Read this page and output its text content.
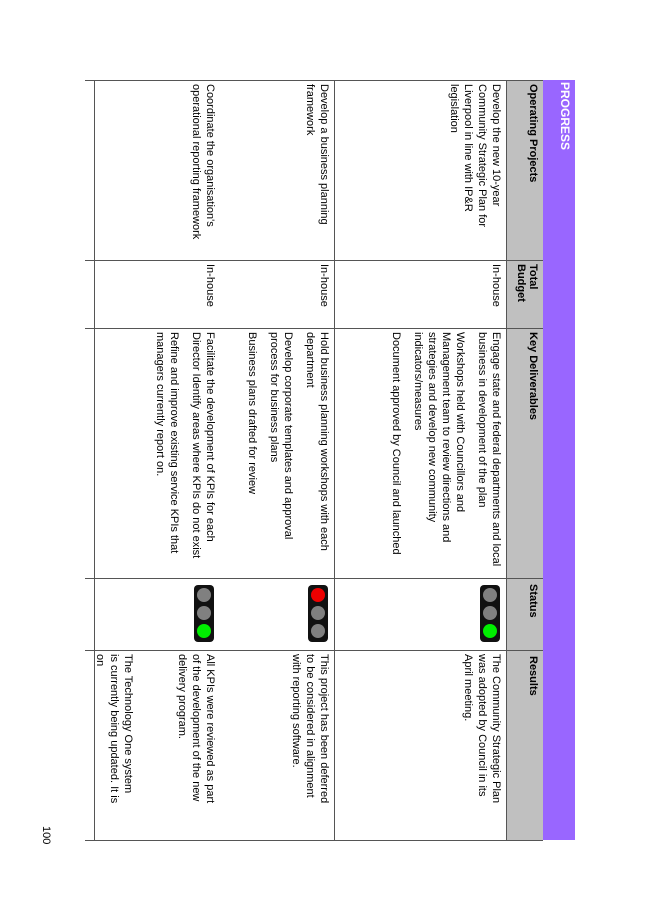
PROGRESS
Operating Projects
Total Budget
Key Deliverables
Status
Results
Develop the new 10-year Community Strategic Plan for Liverpool in line with IP&R legislation
In-house

Engage state and federal departments and local business in development of the plan

Workshops held with Councillors and Management team to review directions and strategies and develop new community indicators/measures

Document approved by Council and launched

The Community Strategic Plan was adopted by Council in its April meeting.
Develop a business planning framework
In-house

Hold business planning workshops with each department

Develop corporate templates and approval process for business plans

Business plans drafted for review

This project has been deferred to be considered in alignment with reporting software.
Coordinate the organisation's operational reporting framework
In-house

Facilitate the development of KPIs for each Director Identify areas where KPIs do not exist

Refine and improve existing service KPIs that managers currently report on.

All KPIs were reviewed as part of the development of the new delivery program.
The Technology One system is currently being updated. It is on
100
